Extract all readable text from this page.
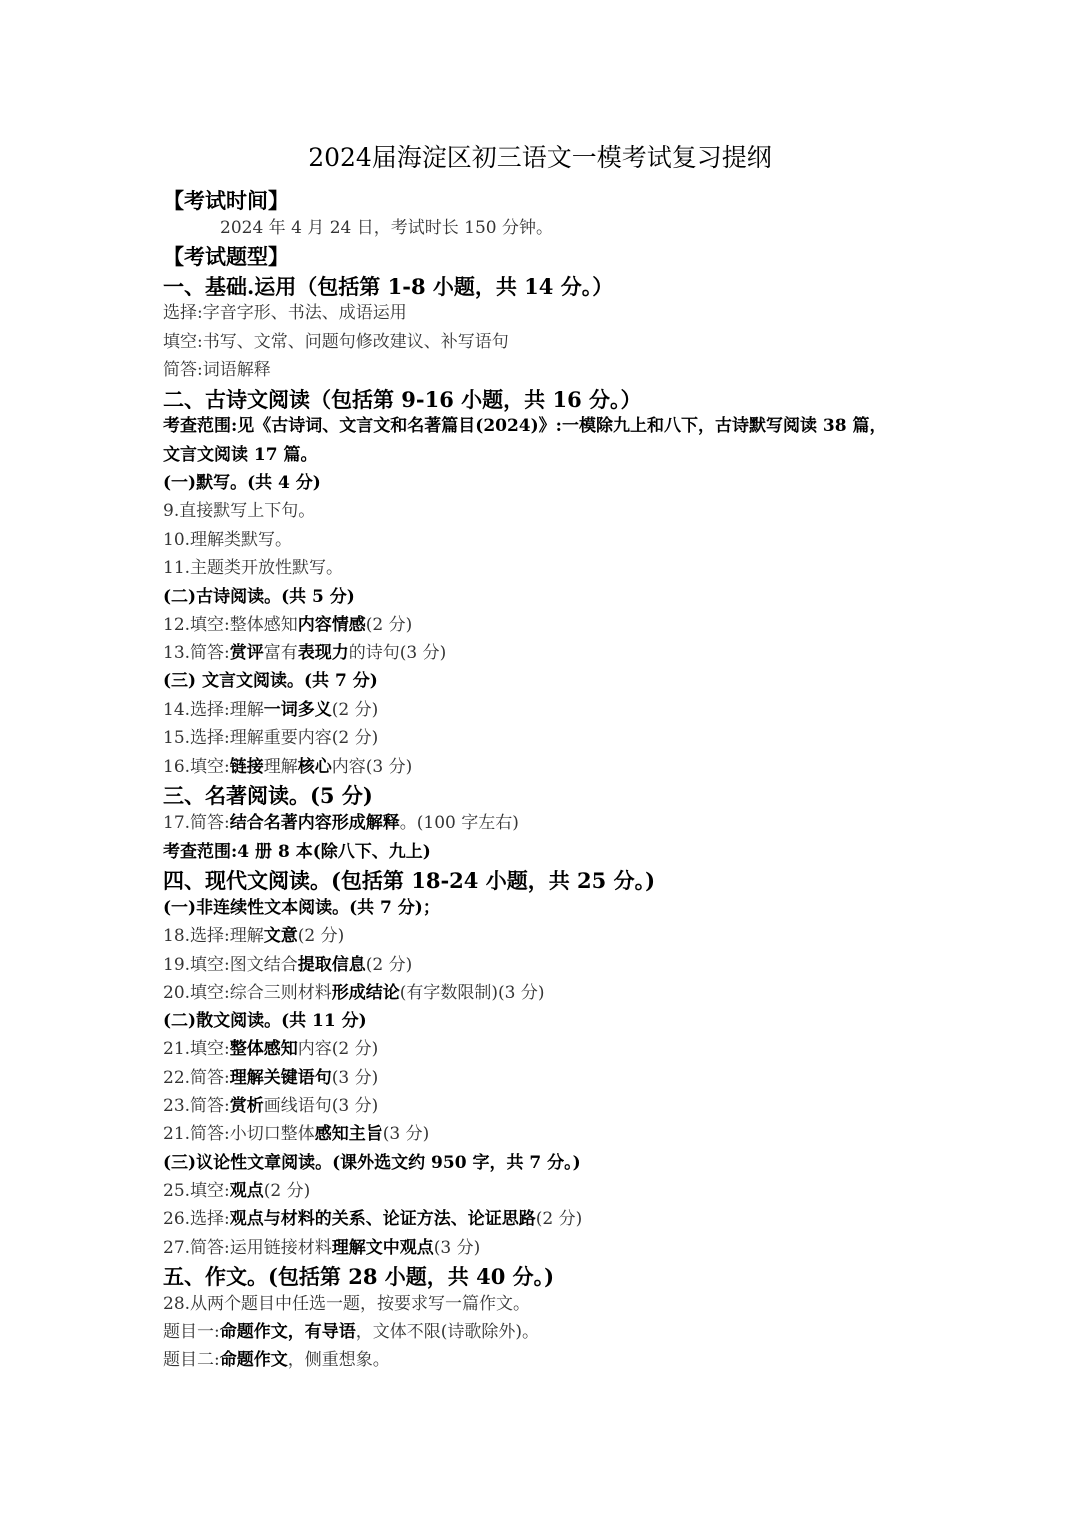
2024届海淀区初三语文一模考试复习提纲
【考试时间】
2024 年 4 月 24 日，考试时长 150 分钟。
【考试题型】
一、基础.运用（包括第 1-8 小题，共 14 分。）
选择:字音字形、书法、成语运用
填空:书写、文常、问题句修改建议、补写语句
简答:词语解释
二、古诗文阅读（包括第 9-16 小题，共 16 分。）
考查范围:见《古诗词、文言文和名著篇目(2024)》:一模除九上和八下，古诗默写阅读 38 篇，
文言文阅读 17 篇。
(一)默写。(共 4 分)
9.直接默写上下句。
10.理解类默写。
11.主题类开放性默写。
(二)古诗阅读。(共 5 分)
12.填空:整体感知内容情感(2 分)
13.简答:赏评富有表现力的诗句(3 分)
(三) 文言文阅读。(共 7 分)
14.选择:理解一词多义(2 分)
15.选择:理解重要内容(2 分)
16.填空:链接理解核心内容(3 分)
三、名著阅读。(5 分)
17.简答:结合名著内容形成解释。(100 字左右)
考查范围:4 册 8 本(除八下、九上)
四、现代文阅读。(包括第 18-24 小题，共 25 分。)
(一)非连续性文本阅读。(共 7 分)；
18.选择:理解文意(2 分)
19.填空:图文结合提取信息(2 分)
20.填空:综合三则材料形成结论(有字数限制)(3 分)
(二)散文阅读。(共 11 分)
21.填空:整体感知内容(2 分)
22.简答:理解关键语句(3 分)
23.简答:赏析画线语句(3 分)
21.简答:小切口整体感知主旨(3 分)
(三)议论性文章阅读。(课外选文约 950 字，共 7 分。)
25.填空:观点(2 分)
26.选择:观点与材料的关系、论证方法、论证思路(2 分)
27.简答:运用链接材料理解文中观点(3 分)
五、作文。(包括第 28 小题，共 40 分。)
28.从两个题目中任选一题，按要求写一篇作文。
题目一:命题作文，有导语，文体不限(诗歌除外)。
题目二:命题作文，侧重想象。
